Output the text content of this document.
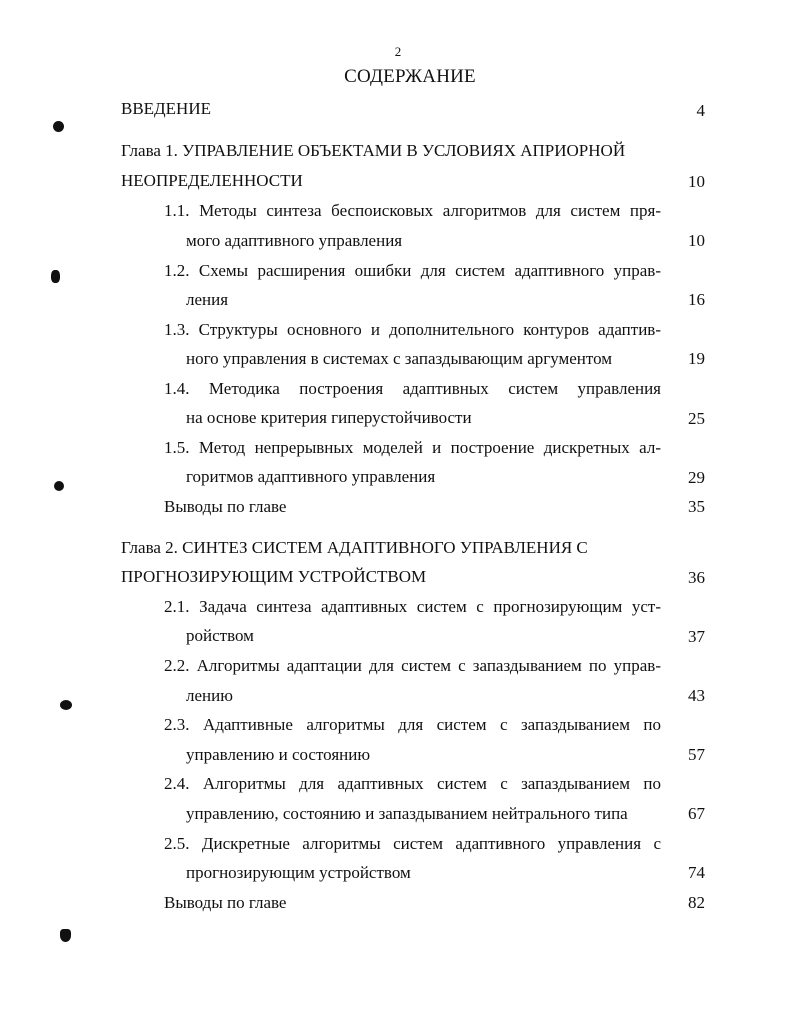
2
СОДЕРЖАНИЕ
ВВЕДЕНИЕ	4
Глава 1. УПРАВЛЕНИЕ ОБЪЕКТАМИ В УСЛОВИЯХ АПРИОРНОЙ
НЕОПРЕДЕЛЕННОСТИ	10
1.1. Методы синтеза беспоисковых алгоритмов для систем пря-
мого адаптивного управления	10
1.2. Схемы расширения ошибки для систем адаптивного управ-
ления	16
1.3. Структуры основного и дополнительного контуров адаптив-
ного управления в системах с запаздывающим аргументом	19
1.4. Методика построения адаптивных систем управления
на основе критерия гиперустойчивости	25
1.5. Метод непрерывных моделей и построение дискретных ал-
горитмов адаптивного управления	29
Выводы по главе	35
Глава 2. СИНТЕЗ СИСТЕМ АДАПТИВНОГО УПРАВЛЕНИЯ С
ПРОГНОЗИРУЮЩИМ УСТРОЙСТВОМ	36
2.1. Задача синтеза адаптивных систем с прогнозирующим уст-
ройством	37
2.2. Алгоритмы адаптации для систем с запаздыванием по управ-
лению	43
2.3. Адаптивные алгоритмы для систем с запаздыванием по
управлению и состоянию	57
2.4. Алгоритмы для адаптивных систем с запаздыванием по
управлению, состоянию и запаздыванием нейтрального типа	67
2.5. Дискретные алгоритмы систем адаптивного управления с
прогнозирующим устройством	74
Выводы по главе	82
